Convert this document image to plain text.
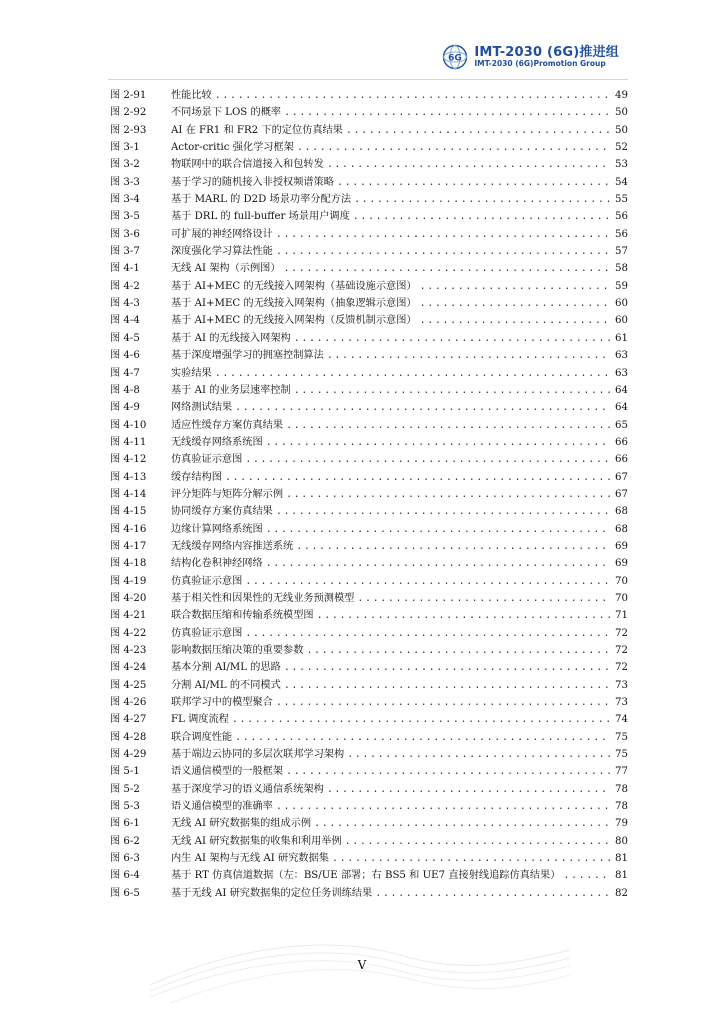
6G IMT-2030 (6G)推进组
IMT-2030 (6G)Promotion Group
图 2-91	性能比较 .....	49
图 2-92	不同场景下 LOS 的概率 .....	50
图 2-93	AI 在 FR1 和 FR2 下的定位仿真结果 .....	50
图 3-1	Actor-critic 强化学习框架 .....	52
图 3-2	物联网中的联合信道接入和包转发 .....	53
图 3-3	基于学习的随机接入非授权频谱策略 .....	54
图 3-4	基于 MARL 的 D2D 场景功率分配方法 .....	55
图 3-5	基于 DRL 的 full-buffer 场景用户调度 .....	56
图 3-6	可扩展的神经网络设计 .....	56
图 3-7	深度强化学习算法性能 .....	57
图 4-1	无线 AI 架构（示例图） .....	58
图 4-2	基于 AI+MEC 的无线接入网架构（基础设施示意图） .....	59
图 4-3	基于 AI+MEC 的无线接入网架构（抽象逻辑示意图） .....	60
图 4-4	基于 AI+MEC 的无线接入网架构（反馈机制示意图） .....	60
图 4-5	基于 AI 的无线接入网架构 .....	61
图 4-6	基于深度增强学习的拥塞控制算法 .....	63
图 4-7	实验结果 .....	63
图 4-8	基于 AI 的业务层速率控制 .....	64
图 4-9	网络测试结果 .....	64
图 4-10	适应性缓存方案仿真结果 .....	65
图 4-11	无线缓存网络系统图 .....	66
图 4-12	仿真验证示意图 .....	66
图 4-13	缓存结构图 .....	67
图 4-14	评分矩阵与矩阵分解示例 .....	67
图 4-15	协同缓存方案仿真结果 .....	68
图 4-16	边缘计算网络系统图 .....	68
图 4-17	无线缓存网络内容推送系统 .....	69
图 4-18	结构化卷积神经网络 .....	69
图 4-19	仿真验证示意图 .....	70
图 4-20	基于相关性和因果性的无线业务预测模型 .....	70
图 4-21	联合数据压缩和传输系统模型图 .....	71
图 4-22	仿真验证示意图 .....	72
图 4-23	影响数据压缩决策的重要参数 .....	72
图 4-24	基本分割 AI/ML 的思路 .....	72
图 4-25	分割 AI/ML 的不同模式 .....	73
图 4-26	联邦学习中的模型聚合 .....	73
图 4-27	FL 调度流程 .....	74
图 4-28	联合调度性能 .....	75
图 4-29	基于端边云协同的多层次联邦学习架构 .....	75
图 5-1	语义通信模型的一般框架 .....	77
图 5-2	基于深度学习的语义通信系统架构 .....	78
图 5-3	语义通信模型的准确率 .....	78
图 6-1	无线 AI 研究数据集的组成示例 .....	79
图 6-2	无线 AI 研究数据集的收集和利用举例 .....	80
图 6-3	内生 AI 架构与无线 AI 研究数据集 .....	81
图 6-4	基于 RT 仿真信道数据（左：BS/UE 部署；右 BS5 和 UE7 直接射线追踪仿真结果） .....	81
图 6-5	基于无线 AI 研究数据集的定位任务训练结果 .....	82
V
